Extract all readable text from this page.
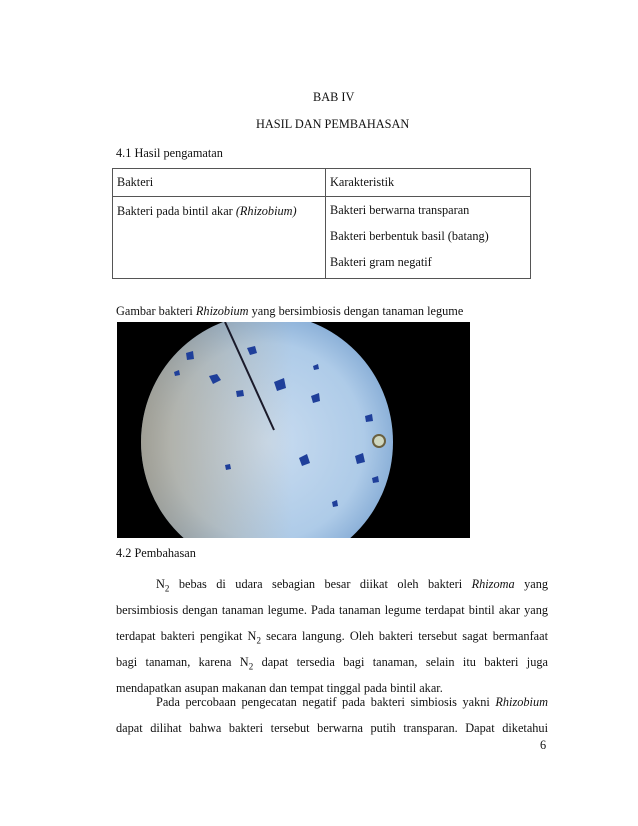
BAB IV
HASIL DAN PEMBAHASAN
4.1 Hasil pengamatan
Bakteri	Karakteristik
Bakteri pada bintil akar (Rhizobium)	Bakteri berwarna transparan
Bakteri berbentuk basil (batang)
Bakteri gram negatif
Gambar bakteri Rhizobium yang bersimbiosis dengan tanaman legume
4.2 Pembahasan
$N_2$ bebas di udara sebagian besar diikat oleh bakteri Rhizoma yang
bersimbiosis dengan tanaman legume. Pada tanaman legume terdapat bintil akar yang
terdapat bakteri pengikat $N_2$ secara langung. Oleh bakteri tersebut sagat bermanfaat
bagi tanaman, karena $N_2$ dapat tersedia bagi tanaman, selain itu bakteri juga
mendapatkan asupan makanan dan tempat tinggal pada bintil akar.
Pada percobaan pengecatan negatif pada bakteri simbiosis yakni Rhizobium
dapat dilihat bahwa bakteri tersebut berwarna putih transparan. Dapat diketahui
6
